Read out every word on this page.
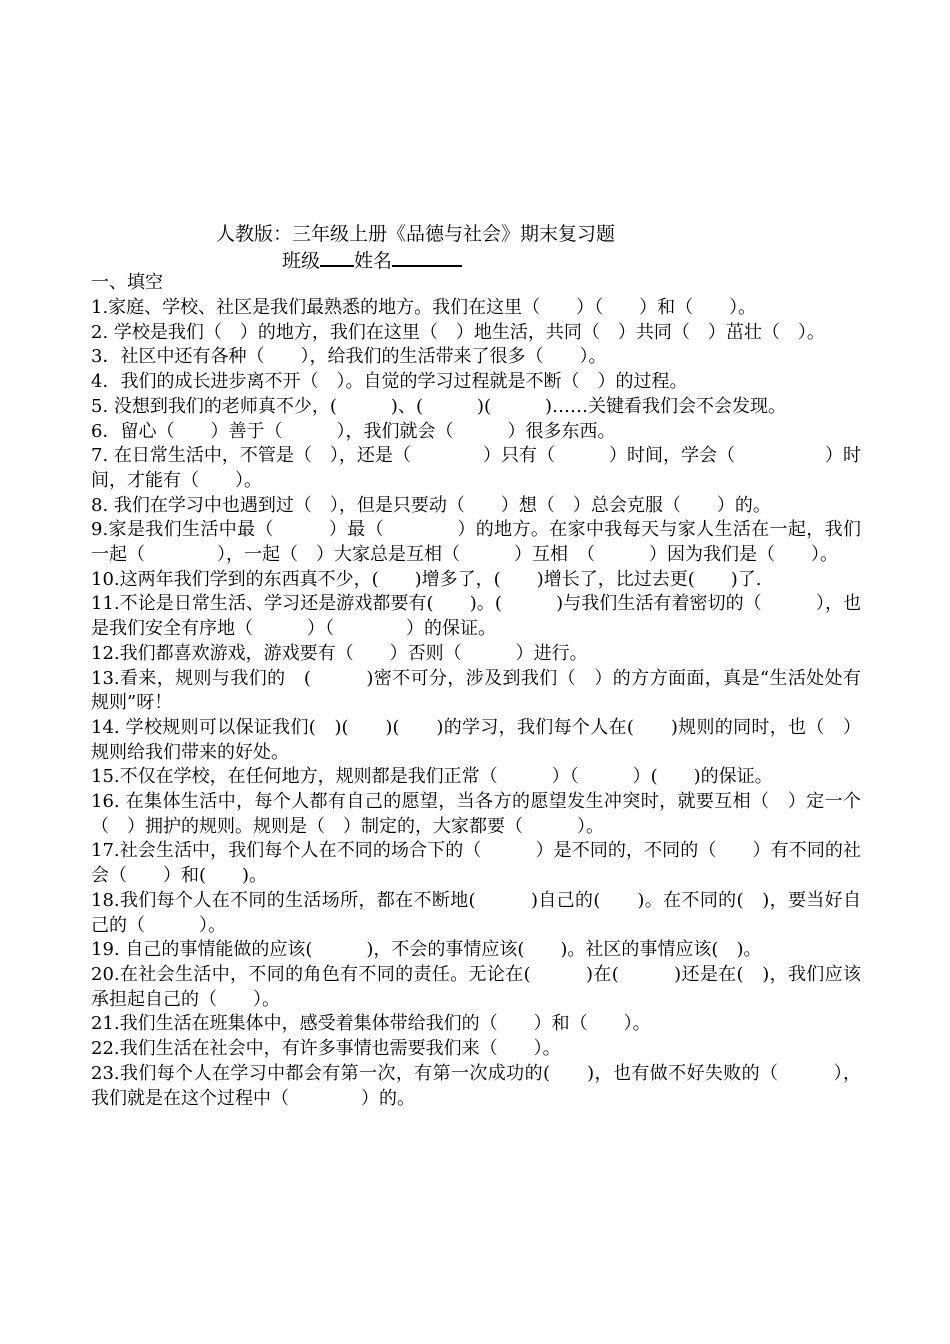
人教版：三年级上册《品德与社会》期末复习题
班级 姓名
一、填空

1.家庭、学校、社区是我们最熟悉的地方。我们在这里（　　）（　　）和（　　）。

2. 学校是我们（　）的地方，我们在这里（　）地生活，共同（　）共同（　）茁壮（　）。

3．社区中还有各种（　　），给我们的生活带来了很多（　　）。

4．我们的成长进步离不开（　）。自觉的学习过程就是不断（　）的过程。

5. 没想到我们的老师真不少，(　　　)、(　　　)(　　　)……关键看我们会不会发现。

6．留心（　　）善于（　　　），我们就会（　　　）很多东西。

7. 在日常生活中，不管是（　），还是（　　　　）只有（　　　）时间，学会（　　　　　）时间，才能有（　　）。

8. 我们在学习中也遇到过（　），但是只要动（　　）想（　）总会克服（　　）的。

9.家是我们生活中最（　　　）最（　　　　）的地方。在家中我每天与家人生活在一起，我们一起（　　　　），一起（　）大家总是互相（　　　）互相　（　　　）因为我们是（　　）。

10.这两年我们学到的东西真不少，(　　)增多了，(　　)增长了，比过去更(　　)了.

11.不论是日常生活、学习还是游戏都要有(　　)。(　　　)与我们生活有着密切的（　　　），也是我们安全有序地（　　　）（　　　　）的保证。

12.我们都喜欢游戏，游戏要有（　　）否则（　　　）进行。

13.看来，规则与我们的　(　　　)密不可分，涉及到我们（　）的方方面面，真是“生活处处有规则”呀！

14. 学校规则可以保证我们(　)(　　)(　　)的学习，我们每个人在(　　)规则的同时，也（　）规则给我们带来的好处。

15.不仅在学校，在任何地方，规则都是我们正常（　　　）（　　　）(　　)的保证。

16. 在集体生活中，每个人都有自己的愿望，当各方的愿望发生冲突时，就要互相（　）定一个（　）拥护的规则。规则是（　）制定的，大家都要（　　　）。

17.社会生活中，我们每个人在不同的场合下的（　　　）是不同的，不同的（　　）有不同的社会（　　）和(　　)。

18.我们每个人在不同的生活场所，都在不断地(　　　)自己的(　　)。在不同的(　)，要当好自己的（　　　）。

19. 自己的事情能做的应该(　　　)，不会的事情应该(　　)。社区的事情应该(　)。

20.在社会生活中，不同的角色有不同的责任。无论在(　　　)在(　　　)还是在(　)，我们应该承担起自己的（　　）。

21.我们生活在班集体中，感受着集体带给我们的（　　）和（　　）。

22.我们生活在社会中，有许多事情也需要我们来（　　）。

23.我们每个人在学习中都会有第一次，有第一次成功的(　　)，也有做不好失败的（　　　），我们就是在这个过程中（　　　　）的。
